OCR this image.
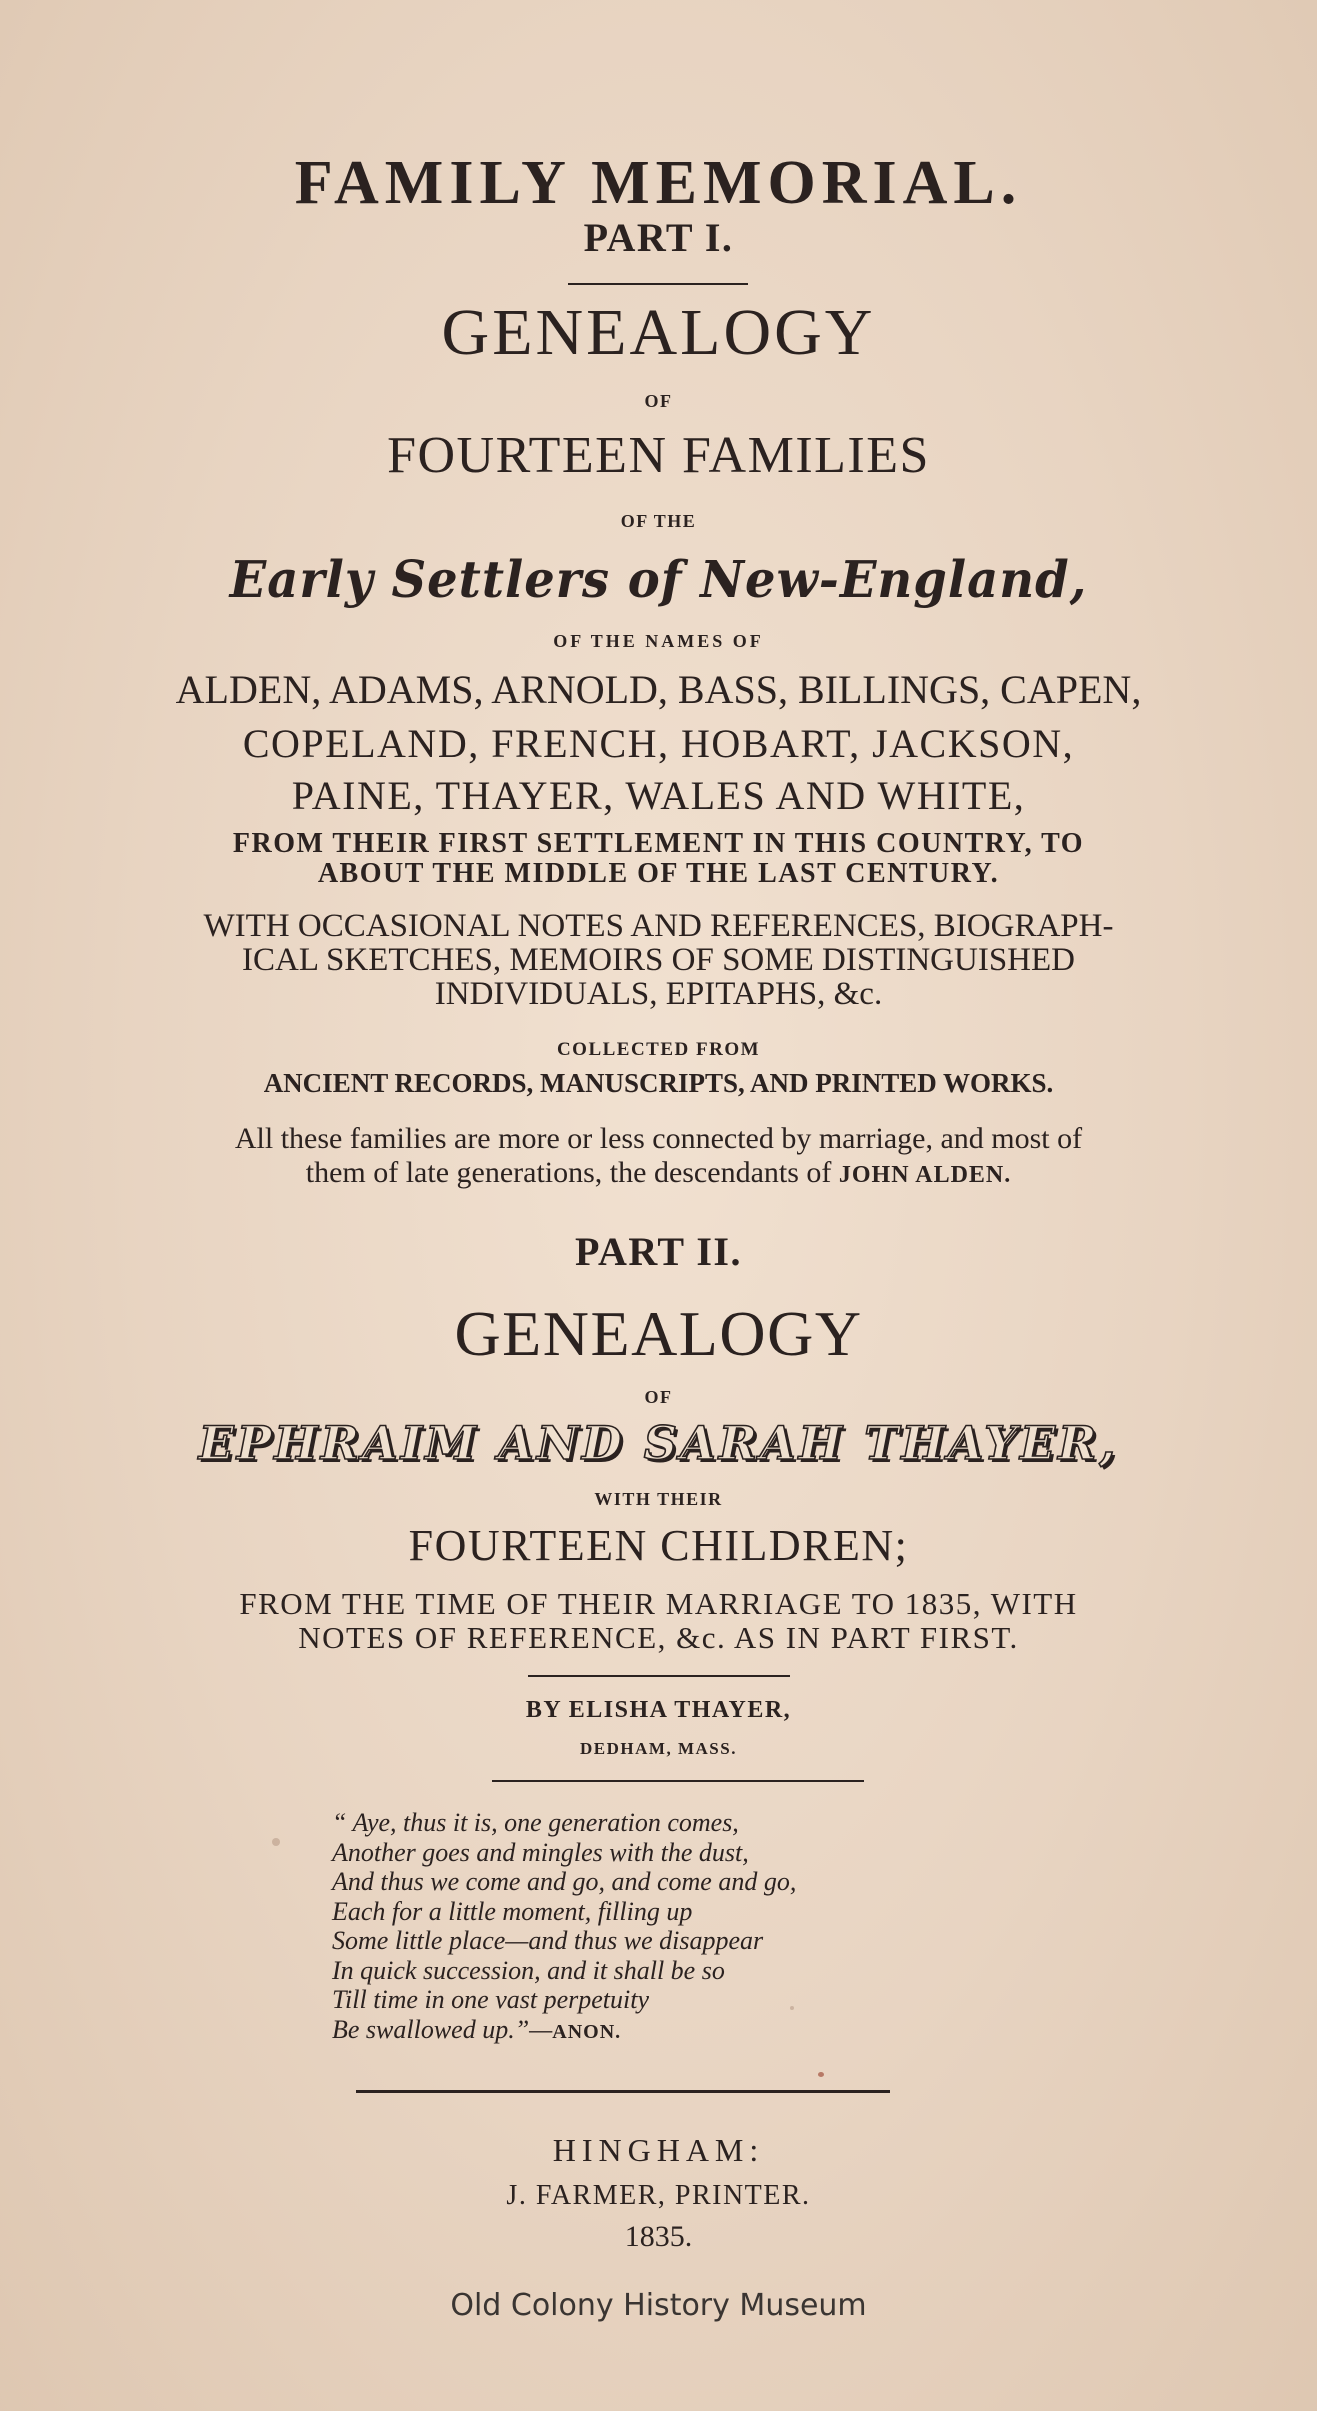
FAMILY MEMORIAL.
PART I.
GENEALOGY
OF
FOURTEEN FAMILIES
OF THE
Early Settlers of New-England,
OF THE NAMES OF
ALDEN, ADAMS, ARNOLD, BASS, BILLINGS, CAPEN,
COPELAND, FRENCH, HOBART, JACKSON,
PAINE, THAYER, WALES AND WHITE,
FROM THEIR FIRST SETTLEMENT IN THIS COUNTRY, TO
ABOUT THE MIDDLE OF THE LAST CENTURY.
WITH OCCASIONAL NOTES AND REFERENCES, BIOGRAPH-
ICAL SKETCHES, MEMOIRS OF SOME DISTINGUISHED
INDIVIDUALS, EPITAPHS, &c.
COLLECTED FROM
ANCIENT RECORDS, MANUSCRIPTS, AND PRINTED WORKS.
All these families are more or less connected by marriage, and most of
them of late generations, the descendants of JOHN ALDEN.
PART II.
GENEALOGY
OF
EPHRAIM AND SARAH THAYER,
WITH THEIR
FOURTEEN CHILDREN;
FROM THE TIME OF THEIR MARRIAGE TO 1835, WITH
NOTES OF REFERENCE, &c. AS IN PART FIRST.
BY ELISHA THAYER,
DEDHAM, MASS.
“ Aye, thus it is, one generation comes,
Another goes and mingles with the dust,
And thus we come and go, and come and go,
Each for a little moment, filling up
Some little place—and thus we disappear
In quick succession, and it shall be so
Till time in one vast perpetuity
Be swallowed up.”—ANON.
HINGHAM:
J. FARMER, PRINTER.
1835.
Old Colony History Museum
